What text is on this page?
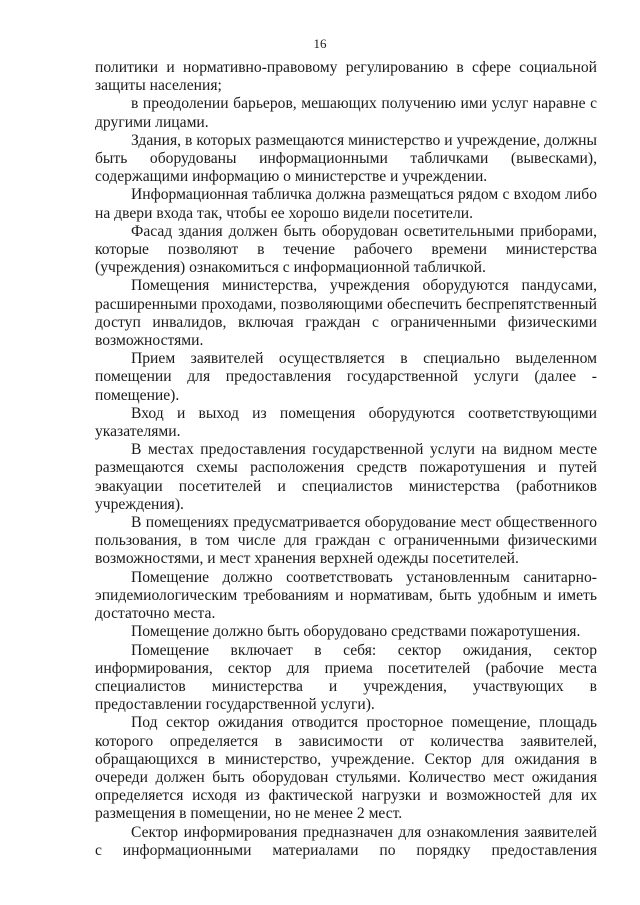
16

политики и нормативно-правовому регулированию в сфере социальной защиты населения;

в преодолении барьеров, мешающих получению ими услуг наравне с другими лицами.

Здания, в которых размещаются министерство и учреждение, должны быть оборудованы информационными табличками (вывесками), содержащими информацию о министерстве и учреждении.

Информационная табличка должна размещаться рядом с входом либо на двери входа так, чтобы ее хорошо видели посетители.

Фасад здания должен быть оборудован осветительными приборами, которые позволяют в течение рабочего времени министерства (учреждения) ознакомиться с информационной табличкой.

Помещения министерства, учреждения оборудуются пандусами, расширенными проходами, позволяющими обеспечить беспрепятственный доступ инвалидов, включая граждан с ограниченными физическими возможностями.

Прием заявителей осуществляется в специально выделенном помещении для предоставления государственной услуги (далее - помещение).

Вход и выход из помещения оборудуются соответствующими указателями.

В местах предоставления государственной услуги на видном месте размещаются схемы расположения средств пожаротушения и путей эвакуации посетителей и специалистов министерства (работников учреждения).

В помещениях предусматривается оборудование мест общественного пользования, в том числе для граждан с ограниченными физическими возможностями, и мест хранения верхней одежды посетителей.

Помещение должно соответствовать установленным санитарно-эпидемиологическим требованиям и нормативам, быть удобным и иметь достаточно места.

Помещение должно быть оборудовано средствами пожаротушения.

Помещение включает в себя: сектор ожидания, сектор информирования, сектор для приема посетителей (рабочие места специалистов министерства и учреждения, участвующих в предоставлении государственной услуги).

Под сектор ожидания отводится просторное помещение, площадь которого определяется в зависимости от количества заявителей, обращающихся в министерство, учреждение. Сектор для ожидания в очереди должен быть оборудован стульями. Количество мест ожидания определяется исходя из фактической нагрузки и возможностей для их размещения в помещении, но не менее 2 мест.

Сектор информирования предназначен для ознакомления заявителей с информационными материалами по порядку предоставления
